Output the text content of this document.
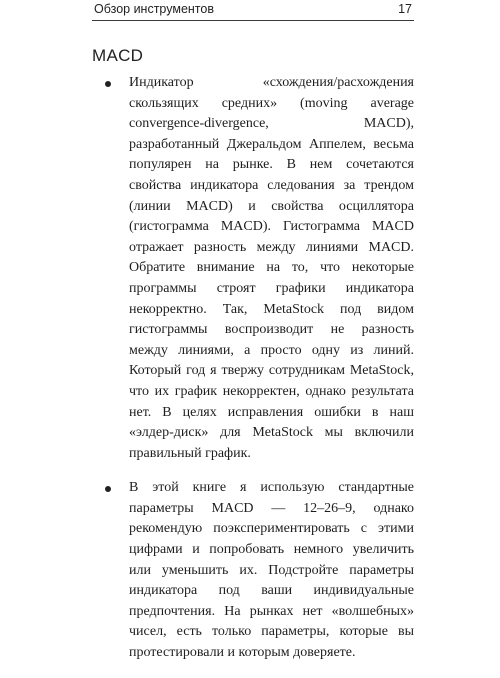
Обзор инструментов	17
MACD
Индикатор «схождения/расхождения скользящих средних» (moving average convergence-divergence, MACD), разработанный Джеральдом Аппелем, весьма популярен на рынке. В нем сочетаются свойства индикатора следования за трендом (линии MACD) и свойства осциллятора (гистограмма MACD). Гистограмма MACD отражает разность между линиями MACD. Обратите внимание на то, что некоторые программы строят графики индикатора некорректно. Так, MetaStock под видом гистограммы воспроизводит не разность между линиями, а просто одну из линий. Который год я твержу сотрудникам MetaStock, что их график некорректен, однако результата нет. В целях исправления ошибки в наш «элдер-диск» для MetaStock мы включили правильный график.
В этой книге я использую стандартные параметры MACD — 12–26–9, однако рекомендую поэкспериментировать с этими цифрами и попробовать немного увеличить или уменьшить их. Подстройте параметры индикатора под ваши индивидуальные предпочтения. На рынках нет «волшебных» чисел, есть только параметры, которые вы протестировали и которым доверяете.
